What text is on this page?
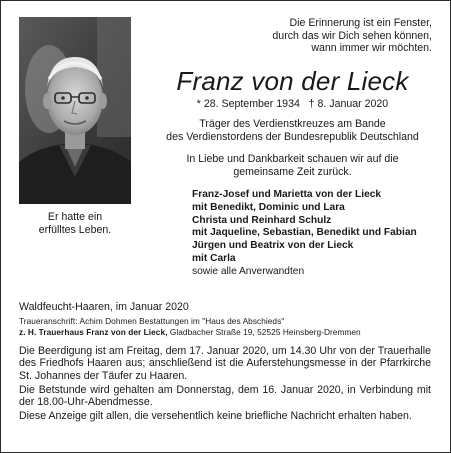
Er hatte ein
erfülltes Leben.
Die Erinnerung ist ein Fenster,
durch das wir Dich sehen können,
wann immer wir möchten.
Franz von der Lieck
* 28. September 1934   † 8. Januar 2020
Träger des Verdienstkreuzes am Bande
des Verdienstordens der Bundesrepublik Deutschland
In Liebe und Dankbarkeit schauen wir auf die
gemeinsame Zeit zurück.
Franz-Josef und Marietta von der Lieck
mit Benedikt, Dominic und Lara
Christa und Reinhard Schulz
mit Jaqueline, Sebastian, Benedikt und Fabian
Jürgen und Beatrix von der Lieck
mit Carla
sowie alle Anverwandten
Waldfeucht-Haaren, im Januar 2020
Traueranschrift: Achim Dohmen Bestattungen im "Haus des Abschieds"
z. H. Trauerhaus Franz von der Lieck, Gladbacher Straße 19, 52525 Heinsberg-Dremmen

Die Beerdigung ist am Freitag, dem 17. Januar 2020, um 14.30 Uhr von der Trauerhalle des Friedhofs Haaren aus; anschließend ist die Auferstehungsmesse in der Pfarrkirche St. Johannes der Täufer zu Haaren.

Die Betstunde wird gehalten am Donnerstag, dem 16. Januar 2020, in Verbindung mit der 18.00-Uhr-Abendmesse.

Diese Anzeige gilt allen, die versehentlich keine briefliche Nachricht erhalten haben.
